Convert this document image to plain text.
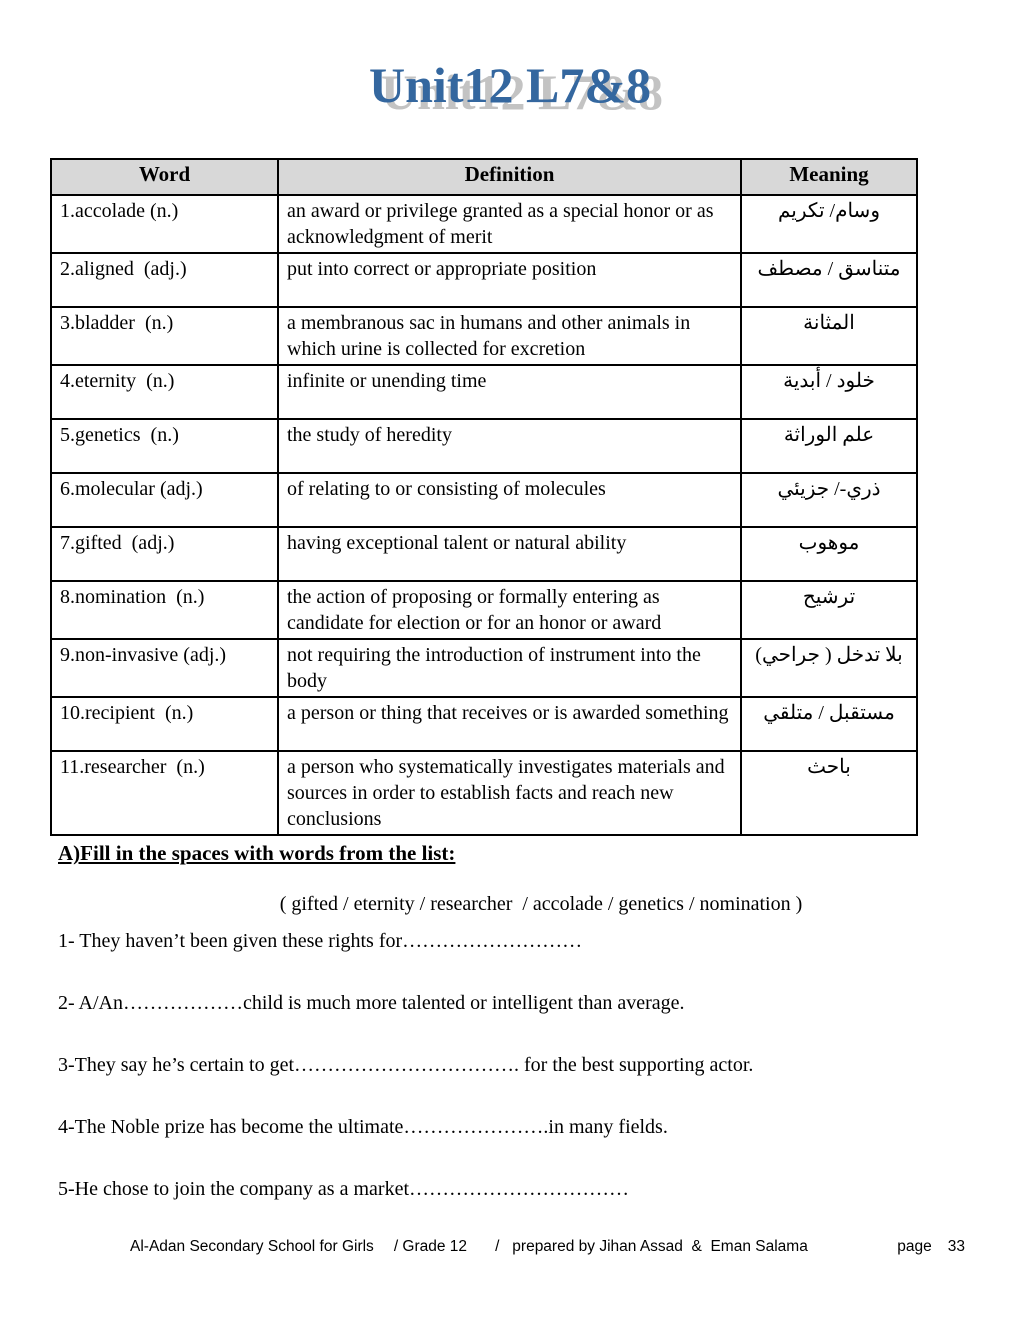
Unit12 L7&8
Word	Definition	Meaning
1.accolade (n.)	an award or privilege granted as a special honor or as acknowledgment of merit	وسام/ تكريم
2.aligned  (adj.)	put into correct or appropriate position	متناسق / مصطف
3.bladder  (n.)	a membranous sac in humans and other animals in which urine is collected for excretion	المثانة
4.eternity  (n.)	infinite or unending time	خلود / أبدية
5.genetics  (n.)	the study of heredity	علم الوراثة
6.molecular (adj.)	of relating to or consisting of molecules	ذري-/ جزيئي
7.gifted  (adj.)	having exceptional talent or natural ability	موهوب
8.nomination  (n.)	the action of proposing or formally entering as candidate for election or for an honor or award	ترشيح
9.non-invasive (adj.)	not requiring the introduction of instrument into the body	بلا تدخل ( جراحي)
10.recipient  (n.)	a person or thing that receives or is awarded something	مستقبل / متلقي
11.researcher  (n.)	a person who systematically investigates materials and sources in order to establish facts and reach new conclusions	باحث
A)Fill in the spaces with words from the list:
( gifted / eternity / researcher  / accolade / genetics / nomination )
1- They haven’t been given these rights for………………………
2- A/An………………child is much more talented or intelligent than average.
3-They say he’s certain to get……………………………. for the best supporting actor.
4-The Noble prize has become the ultimate………………….in many fields.
5-He chose to join the company as a market……………………………
Al-Adan Secondary School for Girls / Grade 12 /   prepared by Jihan Assad  &  Eman Salama	page 33
